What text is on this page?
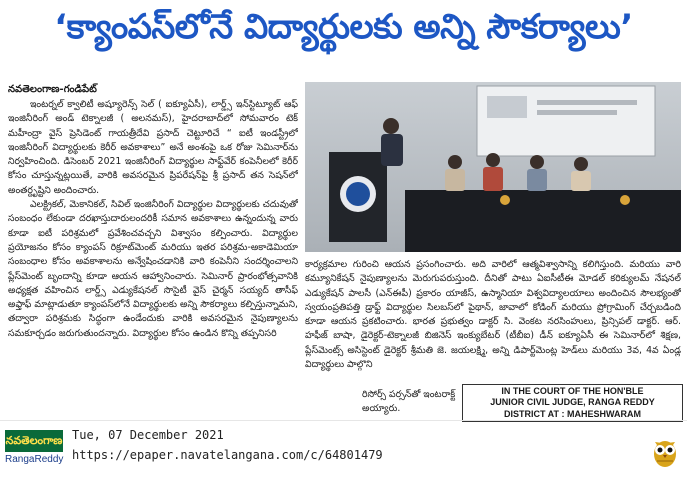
‘క్యాంపస్‌లోనే విద్యార్థులకు అన్ని సౌకర్యాలు’
నవతెలంగాణ-గండిపేట్

ఇంటర్నల్ క్వాలిటీ అష్యూరెన్స్ సెల్ ( ఐక్యూఏసీ), లార్డ్స్ ఇన్‌స్టిట్యూట్ ఆఫ్ ఇంజినీరింగ్ అండ్ టెక్నాలజీ ( అలనమస్), హైదరాబాద్‌లో సోమవారం టెక్ మహీంద్రా వైస్ ప్రెసిడెంట్ గాయత్రీదేవి ప్రసాద్ చెట్టూరిచే “ ఐటీ ఇండస్ట్రీలో ఇంజినీరింగ్ విద్యార్థులకు కెరీర్ అవకాశాలు” అనే అంశంపై ఒక రోజు సెమినార్‌ను నిర్వహించింది. డిసెంబర్ 2021 ఇంజినీరింగ్ విద్యార్థుల సాఫ్ట్‌వేర్ కంపెనీలలో కెరీర్ కోసం చూస్తున్నట్లయితే, వారికి అవసరమైన ప్రిపరేషన్‌పై శ్రీ ప్రసాద్ తన సెషన్‌లో అంతర్దృష్టిని అందించారు.

ఎలక్ట్రికల్, మెకానికల్, సివిల్ ఇంజినీరింగ్ విద్యార్థుల విద్యార్థులకు చదువుతో సంబంధం లేకుండా దరఖాస్తుదారులందరికీ సమాన అవకాశాలు ఉన్నందున్న వారు కూడా ఐటీ పరిశ్రమలో ప్రవేశించవచ్చని విశ్వాసం కల్పించారు. విద్యార్థుల ప్రయోజనం కోసం క్యాంపస్ రిక్రూట్‌మెంట్ మరియు ఇతర పరిశ్రమ-అకాడెమియా సంబంధాల కోసం అవకాశాలను అన్వేషించడానికి వారి కంపెనీని సందర్శించాలని ప్లేస్‌మెంట్ బృందాన్ని కూడా ఆయన ఆహ్వానించారు. సెమినార్ ప్రారంభోత్సవానికి అధ్యక్షత వహించిన లార్డ్స్ ఎడ్యుకేషనల్ సొసైటీ వైస్ చైర్మన్ సయ్యద్ తాసీఫ్ అఫ్తాఫ్ మాట్లాడుతూ క్యాంపస్‌లోనే విద్యార్థులకు అన్ని సౌకర్యాలు కల్పిస్తున్నామని, తద్వారా పరిశ్రమకు సిద్ధంగా ఉండేందుకు వారికి అవసరమైన నైపుణ్యాలను సమకూర్చడం జరుగుతుందన్నారు. విద్యార్థుల కోసం ఉండిన కొన్ని తప్పనిసరి

కార్యక్రమాల గురించి ఆయన ప్రసంగించారు. అది వారిలో ఆత్మవిశ్వాసాన్ని కలిగిస్తుంది. మరియు వారి కమ్యూనికేషన్ నైపుణ్యాలను మెరుగుపరుస్తుంది. దీనితో పాటు ఏఐసీటీఈ మోడల్ కరిక్యులమ్ నేషనల్ ఎడ్యుకేషన్ పాలసీ (ఎన్ఈపీ) ప్రకారం యాజీస్, ఉస్మానియా విశ్వవిద్యాలయాలు అందించిన సౌలభ్యంతో స్వయంప్రతిపత్తి డ్రాఫ్ట్ విద్యార్థుల సిలబస్‌లో పైథాన్, జావాలో కోడింగ్ మరియు ప్రోగ్రామింగ్ చేర్చబడింది కూడా ఆయన ప్రకటించారు. భారత ప్రభుత్వం డాక్టర్ సి. వెంకట నరసింహులు, ప్రిన్సిపల్ డాక్టర్. ఆర్. హఫీజ్ బాషా, డైరెక్టర్-టెక్నాలజీ బిజినెస్ ఇంక్యుబేటర్ (టీబీఐ) డీన్ ఐక్యూఏసీ ఈ సెమినార్‌లో శిక్షణ, ప్లేస్‌మెంట్స్ అసిస్టెంట్ డైరెక్టర్ శ్రీమతి జె. జయలక్ష్మి, అన్ని డిపార్ట్‌మెంట్ల హెడ్‌లు మరియు 3వ, 4వ ఏండ్ల విద్యార్థులు పాల్గొని

రిసోర్స్ పర్సన్‌తో ఇంటరాక్ట్ అయ్యారు.
IN THE COURT OF THE HON'BLE
JUNIOR CIVIL JUDGE, RANGA REDDY
DISTRICT AT : MAHESHWARAM
నవతెలంగాణ
RangaReddy
Tue, 07 December 2021
https://epaper.navatelangana.com/c/64801479
